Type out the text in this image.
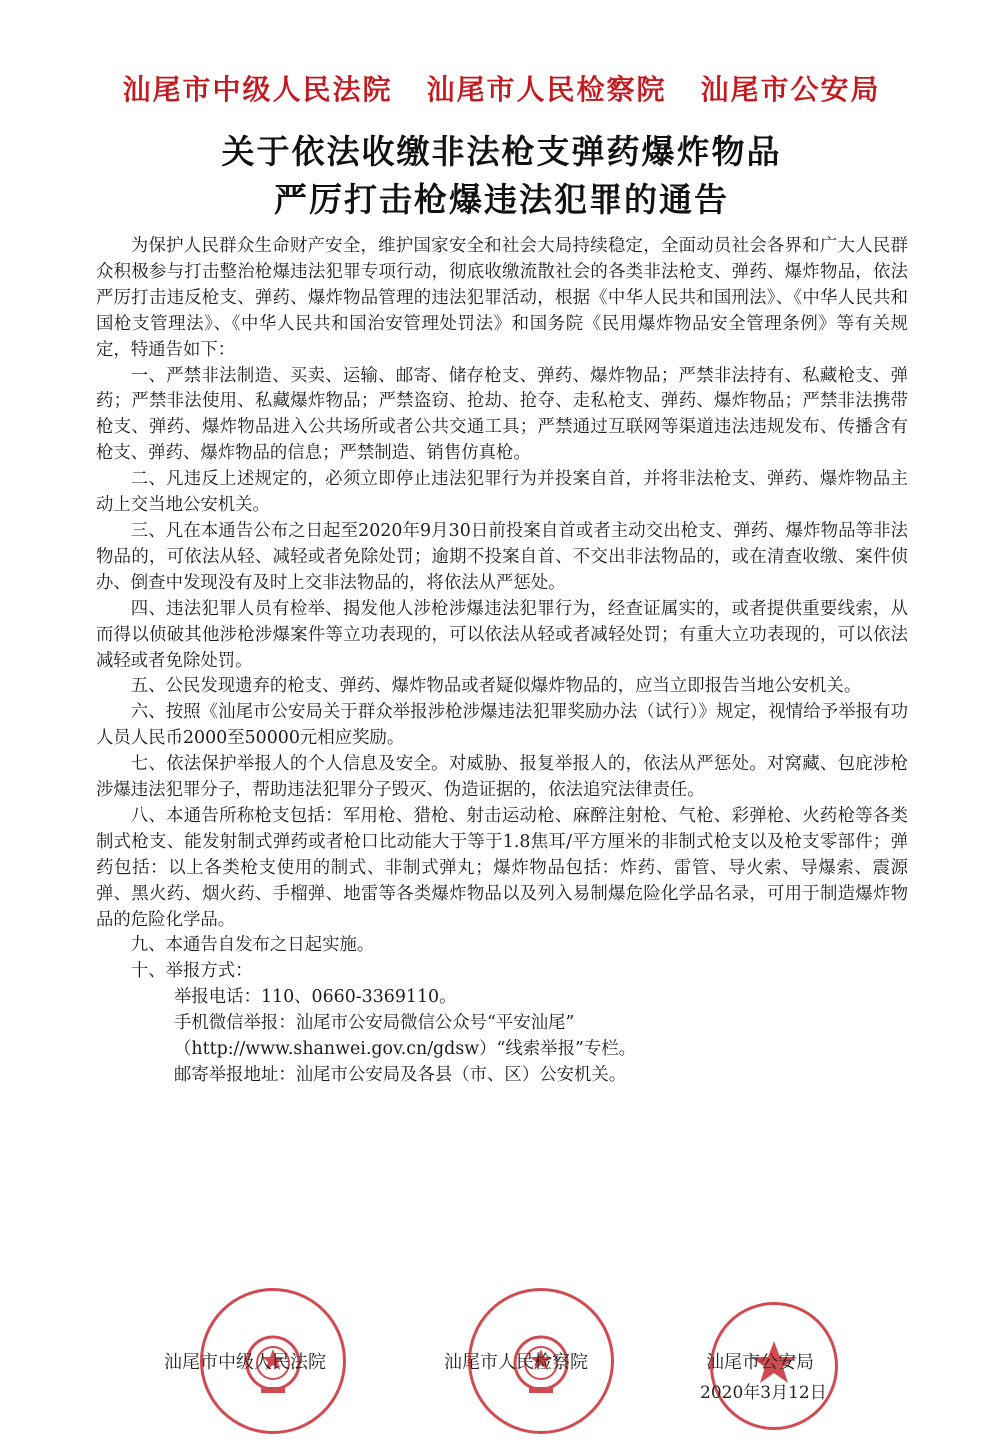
汕尾市中级人民法院 汕尾市人民检察院 汕尾市公安局
关于依法收缴非法枪支弹药爆炸物品
严厉打击枪爆违法犯罪的通告

为保护人民群众生命财产安全，维护国家安全和社会大局持续稳定，全面动员社会各界和广大人民群众积极参与打击整治枪爆违法犯罪专项行动，彻底收缴流散社会的各类非法枪支、弹药、爆炸物品，依法严厉打击违反枪支、弹药、爆炸物品管理的违法犯罪活动，根据《中华人民共和国刑法》、《中华人民共和国枪支管理法》、《中华人民共和国治安管理处罚法》和国务院《民用爆炸物品安全管理条例》等有关规定，特通告如下：

一、严禁非法制造、买卖、运输、邮寄、储存枪支、弹药、爆炸物品；严禁非法持有、私藏枪支、弹药；严禁非法使用、私藏爆炸物品；严禁盗窃、抢劫、抢夺、走私枪支、弹药、爆炸物品；严禁非法携带枪支、弹药、爆炸物品进入公共场所或者公共交通工具；严禁通过互联网等渠道违法违规发布、传播含有枪支、弹药、爆炸物品的信息；严禁制造、销售仿真枪。

二、凡违反上述规定的，必须立即停止违法犯罪行为并投案自首，并将非法枪支、弹药、爆炸物品主动上交当地公安机关。

三、凡在本通告公布之日起至2020年9月30日前投案自首或者主动交出枪支、弹药、爆炸物品等非法物品的，可依法从轻、减轻或者免除处罚；逾期不投案自首、不交出非法物品的，或在清查收缴、案件侦办、倒查中发现没有及时上交非法物品的，将依法从严惩处。

四、违法犯罪人员有检举、揭发他人涉枪涉爆违法犯罪行为，经查证属实的，或者提供重要线索，从而得以侦破其他涉枪涉爆案件等立功表现的，可以依法从轻或者减轻处罚；有重大立功表现的，可以依法减轻或者免除处罚。

五、公民发现遗弃的枪支、弹药、爆炸物品或者疑似爆炸物品的，应当立即报告当地公安机关。

六、按照《汕尾市公安局关于群众举报涉枪涉爆违法犯罪奖励办法（试行）》规定，视情给予举报有功人员人民币2000至50000元相应奖励。

七、依法保护举报人的个人信息及安全。对威胁、报复举报人的，依法从严惩处。对窝藏、包庇涉枪涉爆违法犯罪分子，帮助违法犯罪分子毁灭、伪造证据的，依法追究法律责任。

八、本通告所称枪支包括：军用枪、猎枪、射击运动枪、麻醉注射枪、气枪、彩弹枪、火药枪等各类制式枪支、能发射制式弹药或者枪口比动能大于等于1.8焦耳/平方厘米的非制式枪支以及枪支零部件；弹药包括：以上各类枪支使用的制式、非制式弹丸；爆炸物品包括：炸药、雷管、导火索、导爆索、震源弹、黑火药、烟火药、手榴弹、地雷等各类爆炸物品以及列入易制爆危险化学品名录，可用于制造爆炸物品的危险化学品。

九、本通告自发布之日起实施。

十、举报方式：

举报电话：110、0660-3369110。

手机微信举报：汕尾市公安局微信公众号“平安汕尾”

（http://www.shanwei.gov.cn/gdsw）“线索举报”专栏。

邮寄举报地址：汕尾市公安局及各县（市、区）公安机关。

汕尾市中级人民法院	汕尾市人民检察院	汕尾市公安局
2020年3月12日
